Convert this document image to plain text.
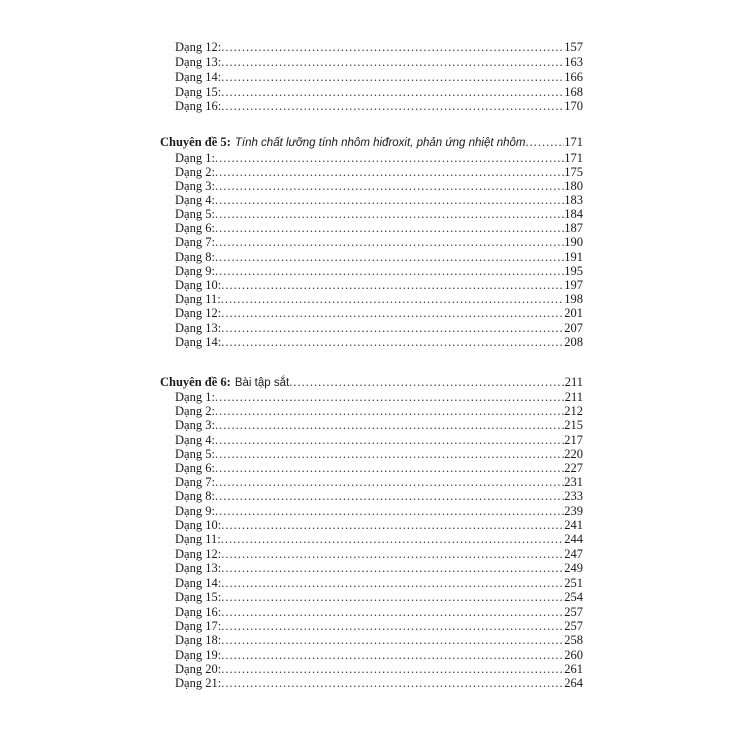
Dạng 12: .....	157
Dạng 13: .....	163
Dạng 14: .....	166
Dạng 15: .....	168
Dạng 16: .....	170
Chuyên đề 5: Tính chất lưỡng tính nhôm hiđroxit, phản ứng nhiệt nhôm .....	171
Dạng 1: .....	171
Dạng 2: .....	175
Dạng 3: .....	180
Dạng 4: .....	183
Dạng 5: .....	184
Dạng 6: .....	187
Dạng 7: .....	190
Dạng 8: .....	191
Dạng 9: .....	195
Dạng 10: .....	197
Dạng 11: .....	198
Dạng 12: .....	201
Dạng 13: .....	207
Dạng 14: .....	208
Chuyên đề 6: Bài tập sắt .....	211
Dạng 1: .....	211
Dạng 2: .....	212
Dạng 3: .....	215
Dạng 4: .....	217
Dạng 5: .....	220
Dạng 6: .....	227
Dạng 7: .....	231
Dạng 8: .....	233
Dạng 9: .....	239
Dạng 10: .....	241
Dạng 11: .....	244
Dạng 12: .....	247
Dạng 13: .....	249
Dạng 14: .....	251
Dạng 15: .....	254
Dạng 16: .....	257
Dạng 17: .....	257
Dạng 18: .....	258
Dạng 19: .....	260
Dạng 20: .....	261
Dạng 21: .....	264
